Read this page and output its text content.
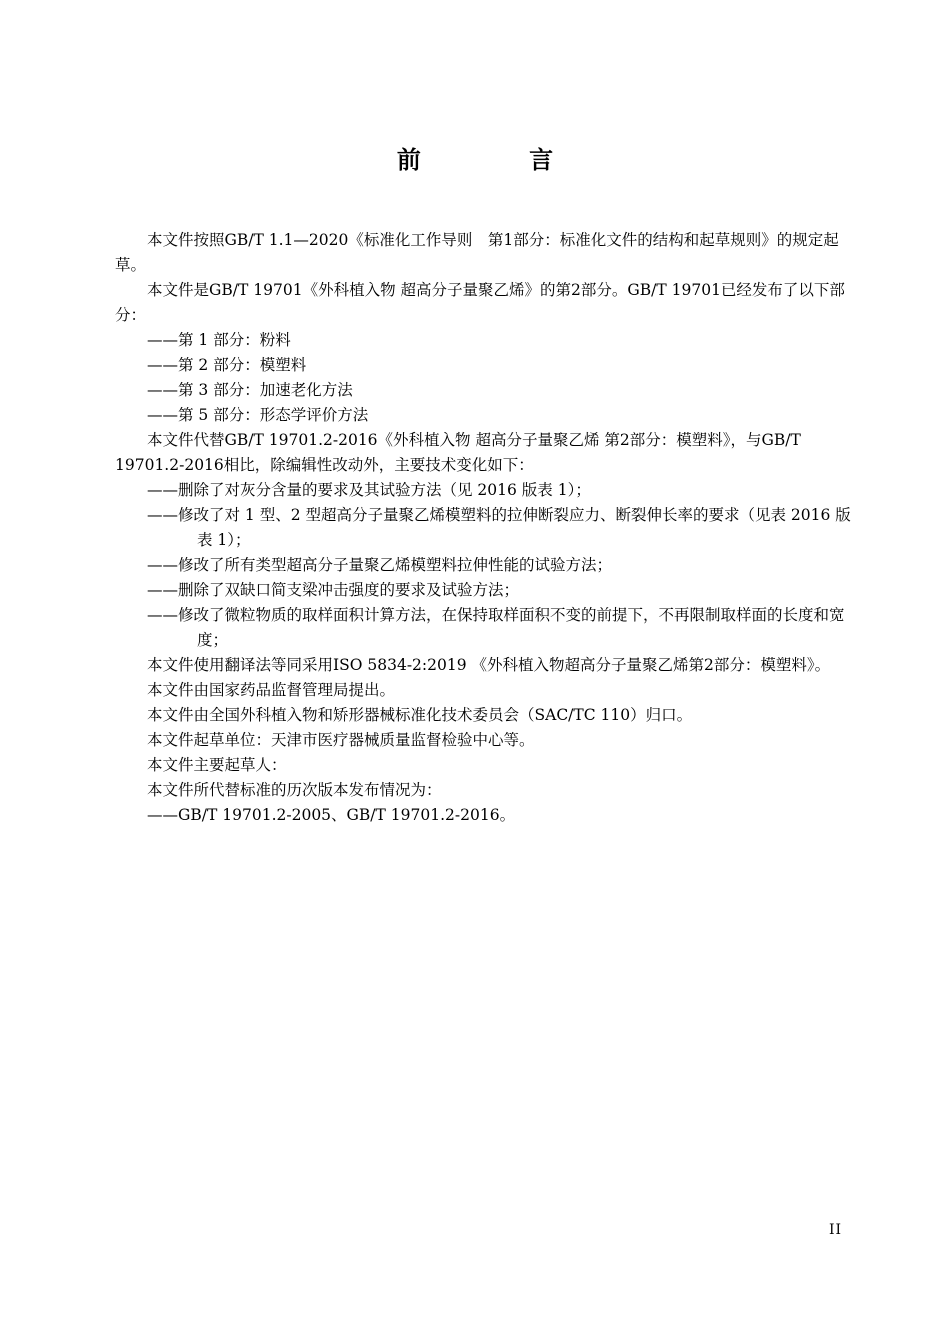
前 言

本文件按照GB/T 1.1—2020《标准化工作导则　第1部分：标准化文件的结构和起草规则》的规定起草。

本文件是GB/T 19701《外科植入物 超高分子量聚乙烯》的第2部分。GB/T 19701已经发布了以下部分：

——第 1 部分：粉料

——第 2 部分：模塑料

——第 3 部分：加速老化方法

——第 5 部分：形态学评价方法

本文件代替GB/T 19701.2-2016《外科植入物 超高分子量聚乙烯 第2部分：模塑料》，与GB/T 19701.2-2016相比，除编辑性改动外，主要技术变化如下：

——删除了对灰分含量的要求及其试验方法（见 2016 版表 1）；

——修改了对 1 型、2 型超高分子量聚乙烯模塑料的拉伸断裂应力、断裂伸长率的要求（见表 2016 版表 1）；

——修改了所有类型超高分子量聚乙烯模塑料拉伸性能的试验方法；

——删除了双缺口简支梁冲击强度的要求及试验方法；

——修改了微粒物质的取样面积计算方法，在保持取样面积不变的前提下，不再限制取样面的长度和宽度；

本文件使用翻译法等同采用ISO 5834-2:2019 《外科植入物超高分子量聚乙烯第2部分：模塑料》。

本文件由国家药品监督管理局提出。

本文件由全国外科植入物和矫形器械标准化技术委员会（SAC/TC 110）归口。

本文件起草单位：天津市医疗器械质量监督检验中心等。

本文件主要起草人：

本文件所代替标准的历次版本发布情况为：

——GB/T 19701.2-2005、GB/T 19701.2-2016。

II
